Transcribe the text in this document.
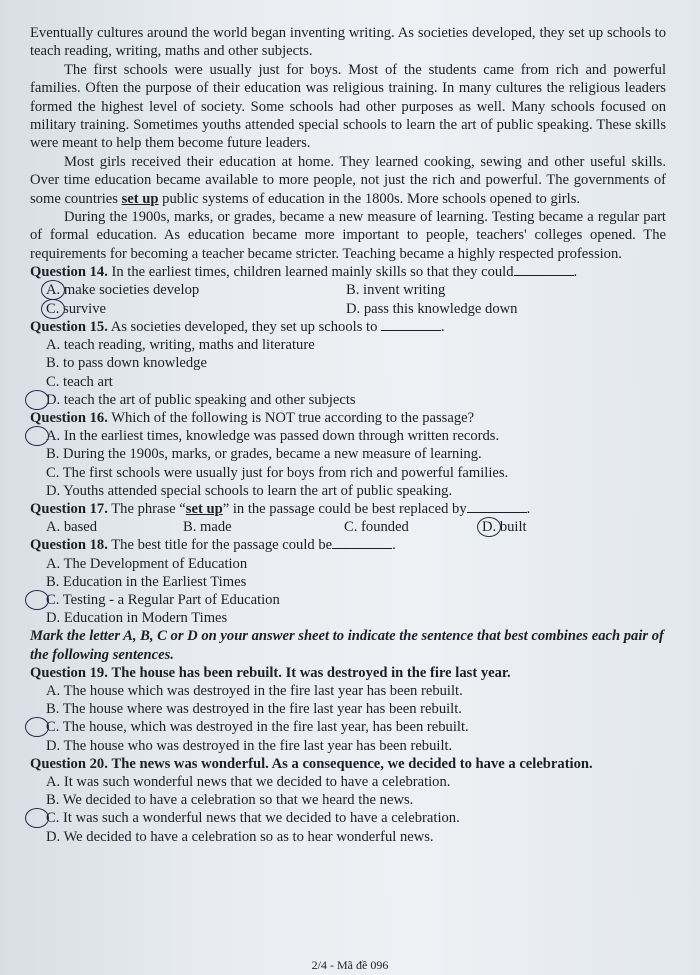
Eventually cultures around the world began inventing writing. As societies developed, they set up schools to teach reading, writing, maths and other subjects.

The first schools were usually just for boys. Most of the students came from rich and powerful families. Often the purpose of their education was religious training. In many cultures the religious leaders formed the highest level of society. Some schools had other purposes as well. Many schools focused on military training. Sometimes youths attended special schools to learn the art of public speaking. These skills were meant to help them become future leaders.

Most girls received their education at home. They learned cooking, sewing and other useful skills. Over time education became available to more people, not just the rich and powerful. The governments of some countries set up public systems of education in the 1800s. More schools opened to girls.

During the 1900s, marks, or grades, became a new measure of learning. Testing became a regular part of formal education. As education became more important to people, teachers' colleges opened. The requirements for becoming a teacher became stricter. Teaching became a highly respected profession.

Question 14. In the earliest times, children learned mainly skills so that they could	.

A. make societies develop	B. invent writing
C. survive	D. pass this knowledge down

Question 15. As societies developed, they set up schools to	.

A. teach reading, writing, maths and literature
B. to pass down knowledge
C. teach art
D. teach the art of public speaking and other subjects

Question 16. Which of the following is NOT true according to the passage?

A. In the earliest times, knowledge was passed down through written records.
B. During the 1900s, marks, or grades, became a new measure of learning.
C. The first schools were usually just for boys from rich and powerful families.
D. Youths attended special schools to learn the art of public speaking.

Question 17. The phrase “set up” in the passage could be best replaced by	.

A. based	B. made	C. founded	D. built

Question 18. The best title for the passage could be	.

A. The Development of Education
B. Education in the Earliest Times
C. Testing - a Regular Part of Education
D. Education in Modern Times

Mark the letter A, B, C or D on your answer sheet to indicate the sentence that best combines each pair of the following sentences.

Question 19. The house has been rebuilt. It was destroyed in the fire last year.

A. The house which was destroyed in the fire last year has been rebuilt.
B. The house where was destroyed in the fire last year has been rebuilt.
C. The house, which was destroyed in the fire last year, has been rebuilt.
D. The house who was destroyed in the fire last year has been rebuilt.

Question 20. The news was wonderful. As a consequence, we decided to have a celebration.

A. It was such wonderful news that we decided to have a celebration.
B. We decided to have a celebration so that we heard the news.
C. It was such a wonderful news that we decided to have a celebration.
D. We decided to have a celebration so as to hear wonderful news.
2/4 - Mã đề 096
